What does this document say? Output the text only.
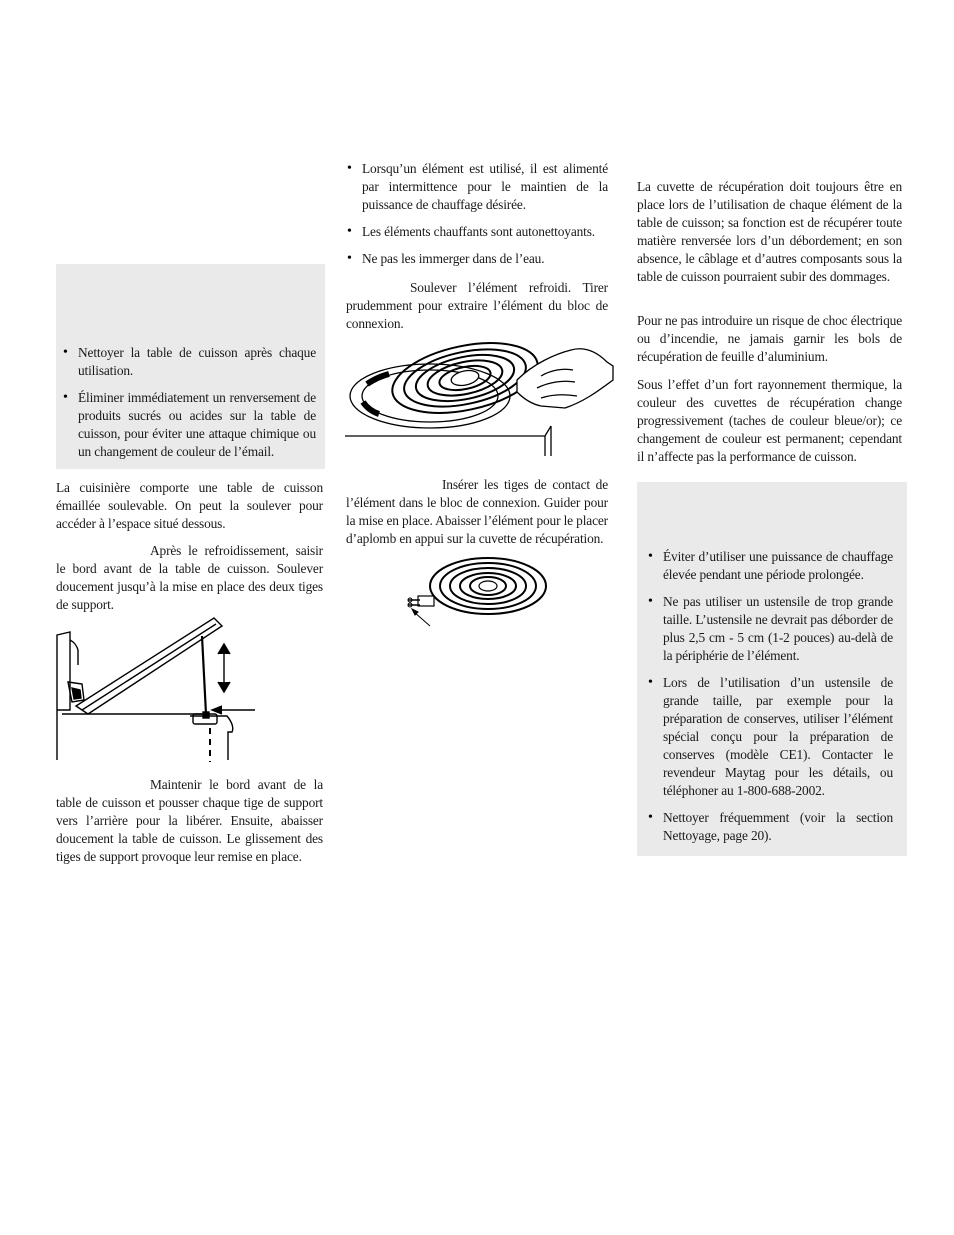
• Nettoyer la table de cuisson après chaque utilisation.
• Éliminer immédiatement un renversement de produits sucrés ou acides sur la table de cuisson, pour éviter une attaque chimique ou un changement de couleur de l’émail.

La cuisinière comporte une table de cuisson émaillée soulevable. On peut la soulever pour accéder à l’espace situé dessous.

Après le refroidissement, saisir le bord avant de la table de cuisson. Soulever doucement jusqu’à la mise en place des deux tiges de support.

Maintenir le bord avant de la table de cuisson et pousser chaque tige de support vers l’arrière pour la libérer. Ensuite, abaisser doucement la table de cuisson. Le glissement des tiges de support provoque leur remise en place.

• Lorsqu’un élément est utilisé, il est alimenté par intermittence pour le maintien de la puissance de chauffage désirée.
• Les éléments chauffants sont autonettoyants.
• Ne pas les immerger dans de l’eau.

Soulever l’élément refroidi. Tirer prudemment pour extraire l’élément du bloc de connexion.

Insérer les tiges de contact de l’élément dans le bloc de connexion. Guider pour la mise en place. Abaisser l’élément pour le placer d’aplomb en appui sur la cuvette de récupération.

La cuvette de récupération doit toujours être en place lors de l’utilisation de chaque élément de la table de cuisson; sa fonction est de récupérer toute matière renversée lors d’un débordement; en son absence, le câblage et d’autres composants sous la table de cuisson pourraient subir des dommages.

Pour ne pas introduire un risque de choc électrique ou d’incendie, ne jamais garnir les bols de récupération de feuille d’aluminium.

Sous l’effet d’un fort rayonnement thermique, la couleur des cuvettes de récupération change progressivement (taches de couleur bleue/or); ce changement de couleur est permanent; cependant il n’affecte pas la performance de cuisson.

• Éviter d’utiliser une puissance de chauffage élevée pendant une période prolongée.
• Ne pas utiliser un ustensile de trop grande taille. L’ustensile ne devrait pas déborder de plus 2,5 cm - 5 cm (1-2 pouces) au-delà de la périphérie de l’élément.
• Lors de l’utilisation d’un ustensile de grande taille, par exemple pour la préparation de conserves, utiliser l’élément spécial conçu pour la préparation de conserves (modèle CE1). Contacter le revendeur Maytag pour les détails, ou téléphoner au 1-800-688-2002.
• Nettoyer fréquemment (voir la section Nettoyage, page 20).
